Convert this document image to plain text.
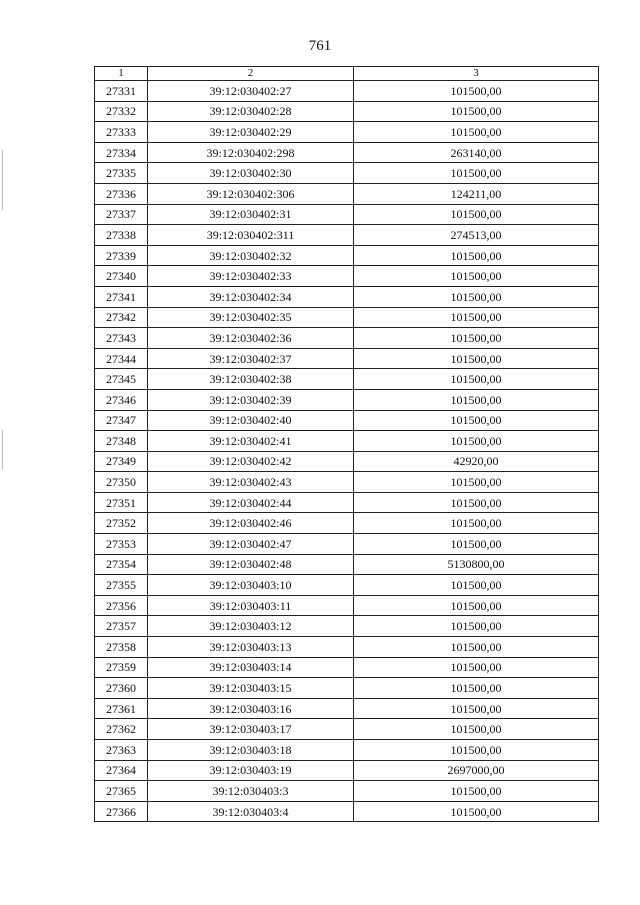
761
1	2	3
27331	39:12:030402:27	101500,00
27332	39:12:030402:28	101500,00
27333	39:12:030402:29	101500,00
27334	39:12:030402:298	263140,00
27335	39:12:030402:30	101500,00
27336	39:12:030402:306	124211,00
27337	39:12:030402:31	101500,00
27338	39:12:030402:311	274513,00
27339	39:12:030402:32	101500,00
27340	39:12:030402:33	101500,00
27341	39:12:030402:34	101500,00
27342	39:12:030402:35	101500,00
27343	39:12:030402:36	101500,00
27344	39:12:030402:37	101500,00
27345	39:12:030402:38	101500,00
27346	39:12:030402:39	101500,00
27347	39:12:030402:40	101500,00
27348	39:12:030402:41	101500,00
27349	39:12:030402:42	42920,00
27350	39:12:030402:43	101500,00
27351	39:12:030402:44	101500,00
27352	39:12:030402:46	101500,00
27353	39:12:030402:47	101500,00
27354	39:12:030402:48	5130800,00
27355	39:12:030403:10	101500,00
27356	39:12:030403:11	101500,00
27357	39:12:030403:12	101500,00
27358	39:12:030403:13	101500,00
27359	39:12:030403:14	101500,00
27360	39:12:030403:15	101500,00
27361	39:12:030403:16	101500,00
27362	39:12:030403:17	101500,00
27363	39:12:030403:18	101500,00
27364	39:12:030403:19	2697000,00
27365	39:12:030403:3	101500,00
27366	39:12:030403:4	101500,00
